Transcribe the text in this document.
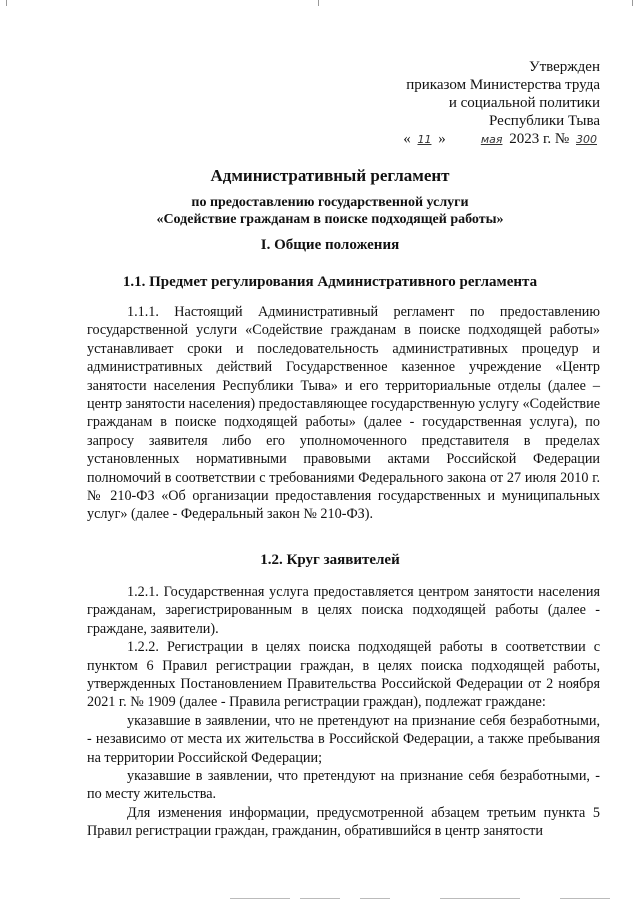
Утвержден
приказом Министерства труда
и социальной политики
Республики Тыва
« 11 »	мая 2023 г. № 300

Административный регламент

по предоставлению государственной услуги

«Содействие гражданам в поиске подходящей работы»

I. Общие положения
1.1. Предмет регулирования Административного регламента

1.1.1. Настоящий Административный регламент по предоставлению государственной услуги «Содействие гражданам в поиске подходящей работы» устанавливает сроки и последовательность административных процедур и административных действий Государственное казенное учреждение «Центр занятости населения Республики Тыва» и его территориальные отделы (далее – центр занятости населения) предоставляющее государственную услугу «Содействие гражданам в поиске подходящей работы» (далее - государственная услуга), по запросу заявителя либо его уполномоченного представителя в пределах установленных нормативными правовыми актами Российской Федерации полномочий в соответствии с требованиями Федерального закона от 27 июля 2010 г. № 210-ФЗ «Об организации предоставления государственных и муниципальных услуг» (далее - Федеральный закон № 210-ФЗ).

1.2. Круг заявителей

1.2.1. Государственная услуга предоставляется центром занятости населения гражданам, зарегистрированным в целях поиска подходящей работы (далее - граждане, заявители).

1.2.2. Регистрации в целях поиска подходящей работы в соответствии с пунктом 6 Правил регистрации граждан, в целях поиска подходящей работы, утвержденных Постановлением Правительства Российской Федерации от 2 ноября 2021 г. № 1909 (далее - Правила регистрации граждан), подлежат граждане:

указавшие в заявлении, что не претендуют на признание себя безработными, - независимо от места их жительства в Российской Федерации, а также пребывания на территории Российской Федерации;

указавшие в заявлении, что претендуют на признание себя безработными, - по месту жительства.

Для изменения информации, предусмотренной абзацем третьим пункта 5 Правил регистрации граждан, гражданин, обратившийся в центр занятости
